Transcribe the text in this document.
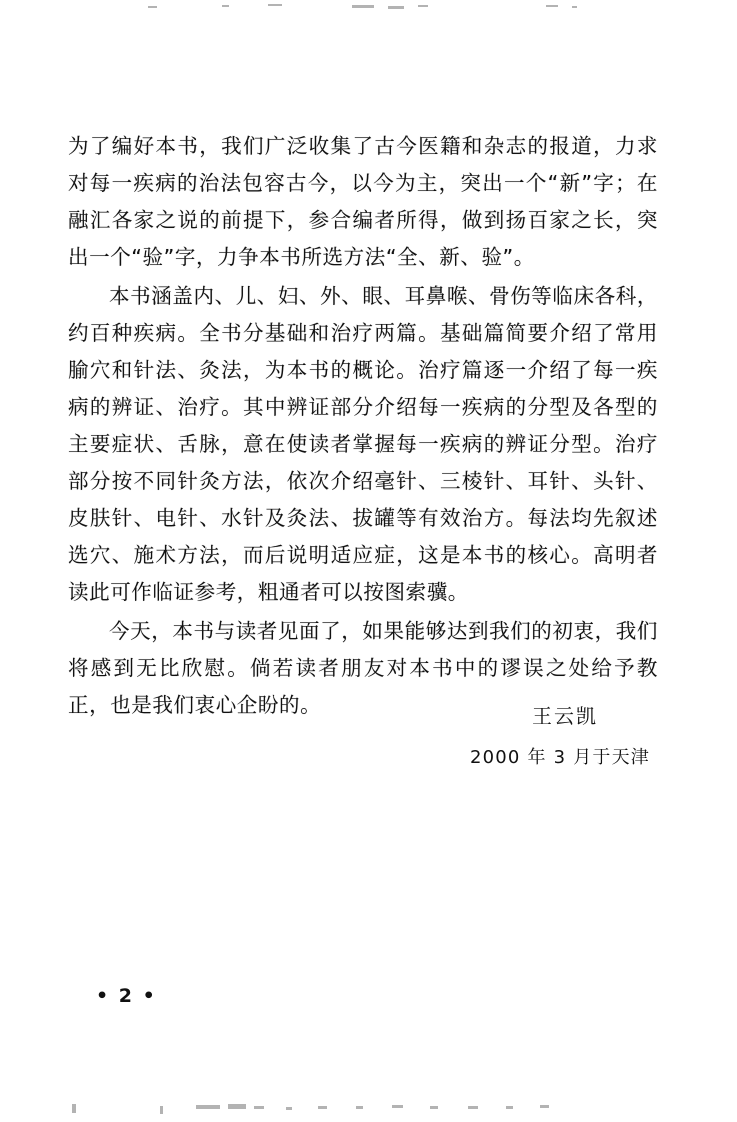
为了编好本书，我们广泛收集了古今医籍和杂志的报道，力求对每一疾病的治法包容古今，以今为主，突出一个“新”字；在融汇各家之说的前提下，参合编者所得，做到扬百家之长，突出一个“验”字，力争本书所选方法“全、新、验”。

本书涵盖内、儿、妇、外、眼、耳鼻喉、骨伤等临床各科，约百种疾病。全书分基础和治疗两篇。基础篇简要介绍了常用腧穴和针法、灸法，为本书的概论。治疗篇逐一介绍了每一疾病的辨证、治疗。其中辨证部分介绍每一疾病的分型及各型的主要症状、舌脉，意在使读者掌握每一疾病的辨证分型。治疗部分按不同针灸方法，依次介绍毫针、三棱针、耳针、头针、皮肤针、电针、水针及灸法、拔罐等有效治方。每法均先叙述选穴、施术方法，而后说明适应症，这是本书的核心。高明者读此可作临证参考，粗通者可以按图索骥。

今天，本书与读者见面了，如果能够达到我们的初衷，我们将感到无比欣慰。倘若读者朋友对本书中的谬误之处给予教正，也是我们衷心企盼的。	王云凯

2000 年 3 月于天津

• 2 •
